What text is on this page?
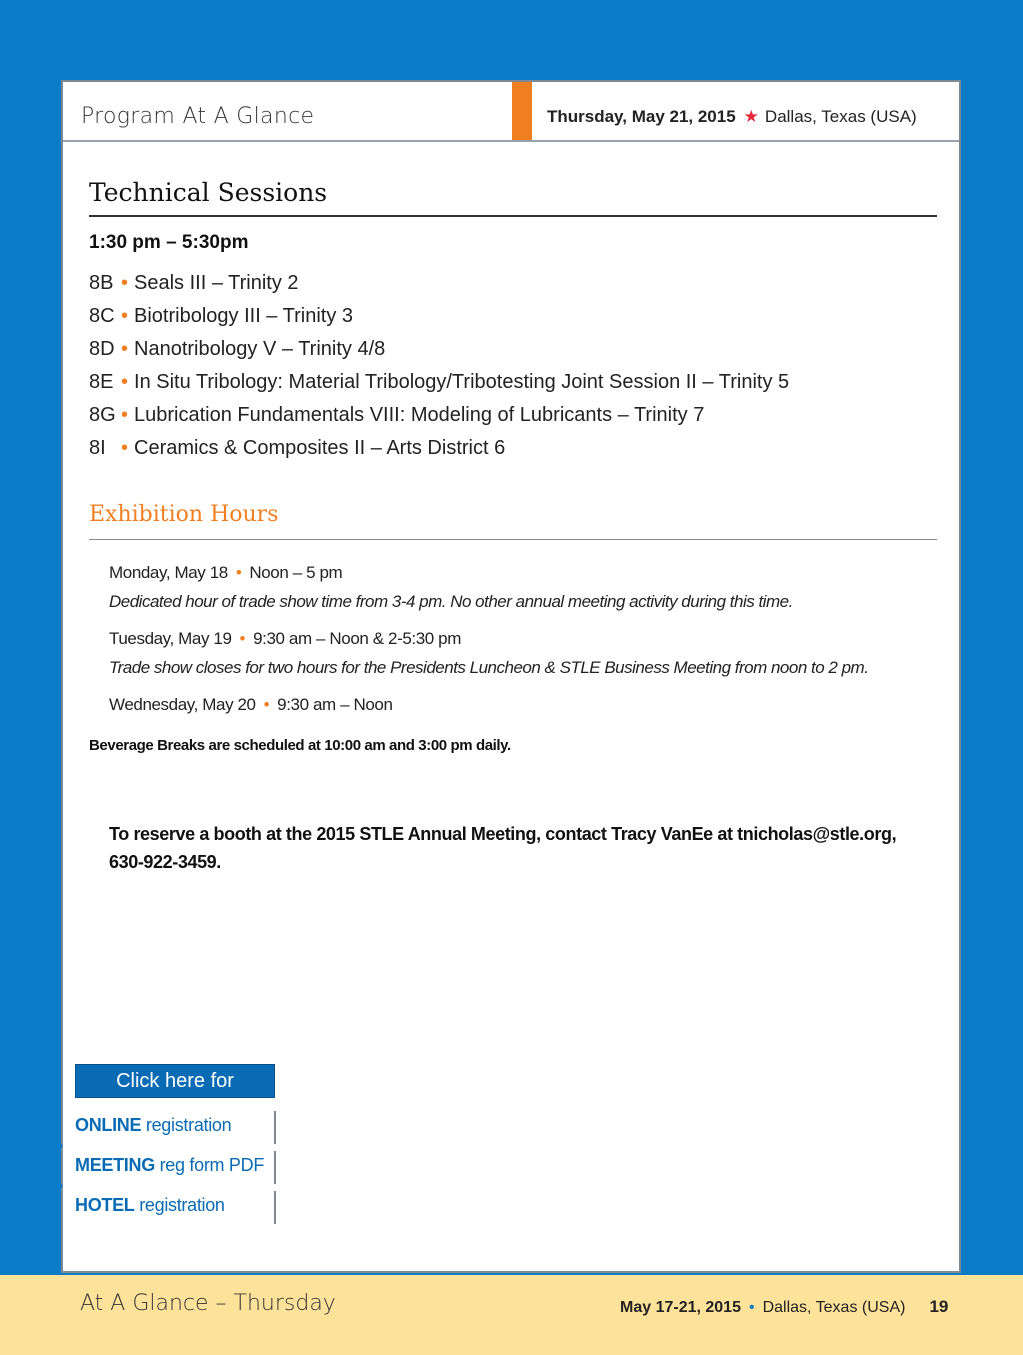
Program At A Glance	Thursday, May 21, 2015 ★ Dallas, Texas (USA)
Technical Sessions
1:30 pm – 5:30pm
8B • Seals III – Trinity 2
8C • Biotribology III – Trinity 3
8D • Nanotribology V – Trinity 4/8
8E • In Situ Tribology: Material Tribology/Tribotesting Joint Session II – Trinity 5
8G • Lubrication Fundamentals VIII: Modeling of Lubricants – Trinity 7
8I • Ceramics & Composites II – Arts District 6
Exhibition Hours
Monday, May 18 • Noon – 5 pm
Dedicated hour of trade show time from 3-4 pm. No other annual meeting activity during this time.
Tuesday, May 19 • 9:30 am – Noon & 2-5:30 pm
Trade show closes for two hours for the Presidents Luncheon & STLE Business Meeting from noon to 2 pm.
Wednesday, May 20 • 9:30 am – Noon
Beverage Breaks are scheduled at 10:00 am and 3:00 pm daily.
To reserve a booth at the 2015 STLE Annual Meeting, contact Tracy VanEe at tnicholas@stle.org, 630-922-3459.
Click here for
ONLINE registration
MEETING reg form PDF
HOTEL registration
At A Glance – Thursday	May 17-21, 2015 • Dallas, Texas (USA) 19
